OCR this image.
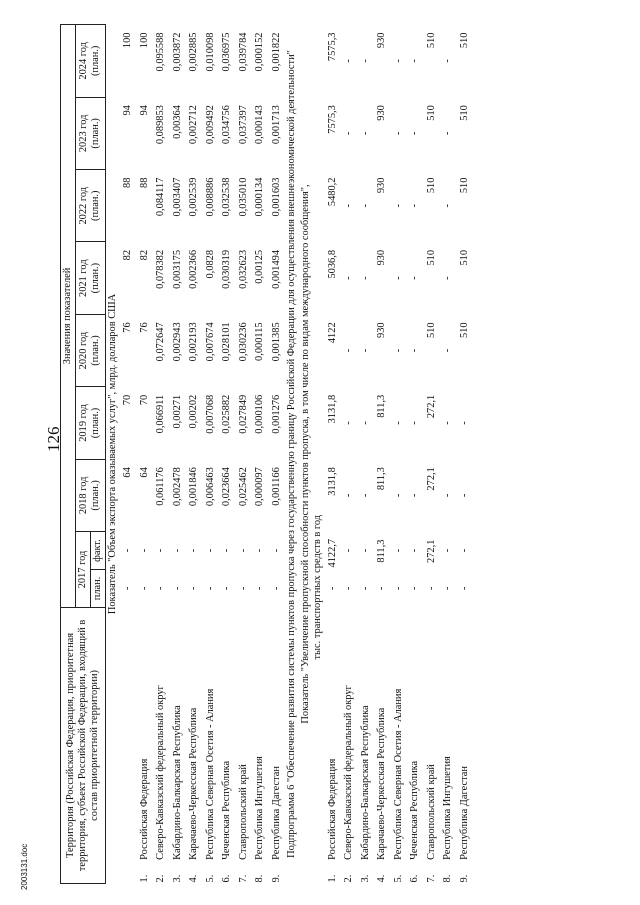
126
2003131.doc
Территория (Российская Федерация, приоритетная территория, субъект Российской Федерации, входящий в состав приоритетной территории)		Значения показателей								
		2017 год		2018 год (план.)	2019 год (план.)	2020 год (план.)	2021 год (план.)	2022 год (план.)	2023 год (план.)	2024 год (план.)
		план.	факт.							
Показатель "Объем экспорта оказываемых услуг", млрд. долларов США										
		-	-	64	70	76	82	88	94	100
1.	Российская Федерация	-	-	64	70	76	82	88	94	100
2.	Северо-Кавказский федеральный округ	-	-	0,061176	0,066911	0,072647	0,078382	0,084117	0,089853	0,095588
3.	Кабардино-Балкарская Республика	-	-	0,002478	0,00271	0,002943	0,003175	0,003407	0,00364	0,003872
4.	Карачаево-Черкесская Республика	-	-	0,001846	0,00202	0,002193	0,002366	0,002539	0,002712	0,002885
5.	Республика Северная Осетия - Алания	-	-	0,006463	0,007068	0,007674	0,0828	0,008886	0,009492	0,010098
6.	Чеченская Республика	-	-	0,023664	0,025882	0,028101	0,030319	0,032538	0,034756	0,036975
7.	Ставропольский край	-	-	0,025462	0,027849	0,030236	0,032623	0,035010	0,037397	0,039784
8.	Республика Ингушетия	-	-	0,000097	0,000106	0,000115	0,00125	0,000134	0,000143	0,000152
9.	Республика Дагестан	-	-	0,001166	0,001276	0,001385	0,001494	0,001603	0,001713	0,001822
Подпрограмма 6 "Обеспечение развития системы пунктов пропуска через государственную границу Российской Федерации для осуществления внешнеэкономической деятельности"										
Показатель "Увеличение пропускной способности пунктов пропуска, в том числе по видам международного сообщения", тыс. транспортных средств в год										

1.	Российская Федерация	-	4122,7	3131,8	3131,8	4122	5036,8	5480,2	7575,3	7575,3
2.	Северо-Кавказский федеральный округ	-	-	-	-	-	-	-	-	-
3.	Кабардино-Балкарская Республика	-	-	-	-	-	-	-	-	-
4.	Карачаево-Черкесская Республика	-	811,3	811,3	811,3	930	930	930	930	930
5.	Республика Северная Осетия - Алания	-	-	-	-	-	-	-	-	-
6.	Чеченская Республика	-	-	-	-	-	-	-	-	-
7.	Ставропольский край	-	272,1	272,1	272,1	510	510	510	510	510
8.	Республика Ингушетия	-	-	-	-	-	-	-	-	-
9.	Республика Дагестан	-	-	-	-	510	510	510	510	510
